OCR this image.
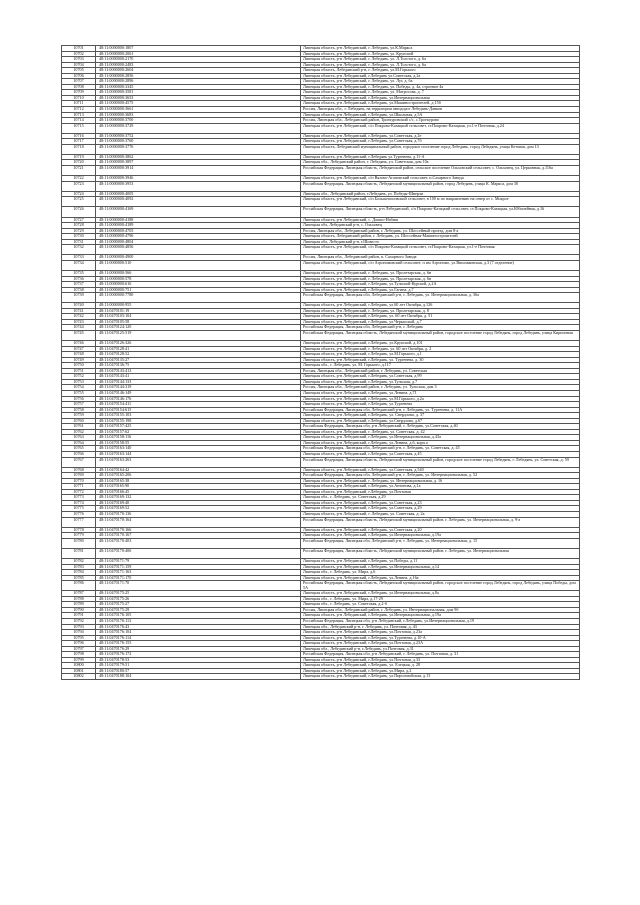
10701	48:11:0000000:1807	Липецкая область, р-н Лебедянский, г. Лебедянь, ул.К.Маркса
10702	48:11:0000000:2061	Липецкая область, р-н Лебедянский, г. Лебедянь, ул. Крупской
10703	48:11:0000000:2170	Липецкая область, р-н Лебедянский, г. Лебедянь, ул. Л.Толстого, д. 6а
10704	48:11:0000000:2483	Липецкая область, р-н Лебедянский, г. Лебедянь, ул. Л.Толстого, д. 6а
10705	48:11:0000000:2604	Липецкая область, Лебедянский р-н, г. Лебедянь, ул.М.Горького
10706	48:11:0000000:2856	Липецкая область, р-н Лебедянский, г.Лебедянь ул.Советская, д.2а
10707	48:11:0000000:2896	Липецкая область, р-н Лебедянский, г. Лебедянь, ул. Луг, д. 6а
10708	48:11:0000000:3345	Липецкая область, р-н Лебедянский, г. Лебедянь, ул. Победы, д. 4а, строение 4а
10709	48:11:0000000:3581	Липецкая область, р-н Лебедянский, г. Лебедянь, ул. Матросова, д. 7
10710	48:11:0000000:3653	Липецкая область, р-н Лебедянский, г.Лебедянь, ул.Интернациональная
10711	48:11:0000000:4575	Липецкая область, р-н Лебедянский, г.Лебедянь, ул.Машиностроителей, д.15б
10712	48:11:0000000:3661	Россия, Липецкая обл., г. Лебедянь, на территории автодорог Лебедянь-Данков
10713	48:11:0000000:3683	Липецкая область, р-н Лебедянский, г.Лебедянь, ул.Школьная, д.5А
10714	48:11:0000000:3700	Россия, Липецкая обл., Лебедянский район, Троекуровский с/с, с.Троекурово
10715	48:11:0000000:3729	Липецкая область, р-н Лебедянский, с/п Покрово-Казацкий сельсовет, ст.Покрово-Казацкая, ул.1-е Почтовая, д.24
10716	48:11:0000000:3752	Липецкая область, р-н Лебедянский, г.Лебедянь, ул.Советская, д.2е
10717	48:11:0000000:3760	Липецкая область, р-н Лебедянский, г.Лебедянь, ул.Советская, д.7б
10718	48:11:0000000:3776	Липецкая область, Лебедянский муниципальный район, городское поселение город Лебедянь, город Лебедянь, улица Кетовая, дом 13
10719	48:11:0000000:3862	Липецкая область, р-н Лебедянский, г.Лебедянь ул.Тургенева, д.11-А
10720	48:11:0000000:3897	Липецкая обл., Лебедянский район, г. Лебедянь, ул. Советская, дом 10а
10721	48:11:0000000:3914	Российская Федерация, Липецкая область, Лебедянский район, сельское поселение Ольховский сельсовет, с. Ольховец, ул. Церковная, д.116а
10722	48:11:0000000:3946	Липецкая область, р-н Лебедянский, с/п Вязово-Агаповский сельсовет, п.Сахарного Завода
10723	48:11:0000000:3953	Российская Федерация, Липецкая область, Лебедянский муниципальный район, город Лебедянь, улица К. Маркса, дом 30
10724	48:11:0000000:4005	Липецкая обл., Лебедянский район, г.Лебедянь, ул. Победы-Шверли
10725	48:11:0000000:4092	Липецкая область, р-н Лебедянский, с/п Большепоповский сельсовет, в 100 м по направлению на север от с. Мокрое
10726	48:11:0000000:4169	Российская Федерация, Липецкая область, р-н Лебедянский, с/п Покрово-Казацкий сельсовет, ст.Покрово-Казацкая, ул.Юбилейная, д.16
10727	48:11:0000000:4188	Липецкая область, р-н Лебедянский, с. Докшо-Набиш
10728	48:11:0000000:4189	Липецкая обл, Лебедянский р-н, с. Ольховец
10729	48:11:0000000:4705	Россия, Липецкая обл., Лебедянский район, г. Лебедянь, ул. Шоссейный проезд, дом 8-а
10730	48:11:0000000:4796	Липецкая область, Лебедянский район, г. Лебедянь, ул. Шоссейная-Машиностроителей
10731	48:11:0000000:4804	Липецкая обл, Лебедянский р-н, г.Шовесто
10732	48:11:0000000:4856	Липецкая область, р-н Лебедянский, с/п Покрово-Казацкий сельсовет, ст.Покрово-Казацкая, ул.1-е Почтовая
10733	48:11:0000000:4900	Россия, Липецкая обл., Лебедянский район, п. Сахарного Завода
10734	48:11:0000000:510	Липецкая область, р-н Лебедянский, с/п Агрономовский сельсовет, п им Агрономо, ул.Вишлаковская, д.3 (7 отделение)
10735	48:11:0000000:566	Липецкая область, р-н Лебедянский, г. Лебедянь, ул. Пролетарская, д. 6н
10736	48:11:0000000:578	Липецкая область, р-н Лебедянский, г. Лебедянь, ул. Пролетарская, д. 6н
10737	48:11:0000000:616	Липецкая область, р-н Лебедянский, г.Лебедянь, ул.Тульской-Курской, д.2А
10738	48:11:0000000:751	Липецкая область, р-н Лебедянский, г.Лебедянь, ул.Гагина, д.7
10739	48:11:0000000:7780	Российская Федерация, Липецкая обл, Лебедянский р-н, г. Лебедянь, ул. Интернациональная, д. 36а
10740	48:11:0000000:955	Липецкая область, р-н Лебедянский, г.Лебедянь, ул.60 лет Октября, д.126
10741	48:11:0470101:19	Липецкая область, р-н Лебедянский, г. Лебедянь, ул. Пролетарская, д. 8
10742	48:11:0470103:104	Липецкая область, р-н Лебедянский, г.Лебедянь, ул. 60 лет Октября, д. 51
10743	48:11:0470105:58	Липецкая область, р-н Лебедянский, г.Лебедянь, ул.Черкасской, д.7
10744	48:11:0470124:120	Российская Федерация, Липецкая обл, Лебедянский р-н, г. Лебедянь
10745	48:11:0470125:519	Российская Федерация, Липецкая область, Лебедянский муниципальный район, городское поселение город Лебедянь, город Лебедянь, улица Кирпичная
10746	48:11:0470126:326	Липецкая область, р-н Лебедянский, г.Лебедянь, ул.Крупской, д.101
10747	48:11:0470128:41	Липецкая область, р-н Лебедянский, г. Лебедянь, ул. 60 лет Октября, д. 2
10748	48:11:0470128:52	Липецкая область, р-н Лебедянский, г.Лебедянь, ул.М.Горького, д.1
10749	48:11:0470135:27	Липецкая область, р-н Лебедянский, г.Лебедянь, ул. Тургенева, д. 30
10750	48:11:0470136:75	Липецкая обл., г. Лебедянь, ул. М. Горького, д.117
10751	48:11:0470143:413	Россия, Липецкая обл., Лебедянский район, г. Лебедянь, ул. Советская
10752	48:11:0470143:41	Липецкая область, р-н Лебедянский, г.Лебедянь, ул.Советская, д.99
10753	48:11:0470144:133	Липецкая область, р-н Лебедянский, г.Лебедянь, ул.Тульская, д.7
10754	48:11:0470144:319	Россия, Липецкая обл., Лебедянский район, г. Лебедянь, ул. Тульская, дом 3
10755	48:11:0470146:149	Липецкая область, р-н Лебедянский, г.Лебедянь, ул.Ленина, д.71
10756	48:11:0470146:176	Липецкая область, р-н Лебедянский, г.Лебедянь, ул.М.Горького, д.2а
10757	48:11:0470154:411	Липецкая область, р-н Лебедянский, г.Лебедянь, ул.Тургенева
10758	48:11:0470154:615	Российская Федерация, Липецкая обл, Лебедянский р-н, г. Лебедянь, ул. Тургенева, д. 11А
10759	48:11:0470155:103	Липецкая область, р-н Лебедянский, г.Лебедянь, ул. Свердлова, д. 37
10760	48:11:0470155:198	Липецкая область, р-н Лебедянский, г.Лебедянь, ул.Свердлова, д.67
10761	48:11:0470157:425	Российская Федерация, Липецкая обл, р-н Лебедянский, г. Лебедянь, ул.Советская, д.40
10762	48:11:0470157:62	Липецкая область, р-н Лебедянский, г. Лебедянь, ул. Советская, д. 42
10763	48:11:0470158:116	Липецкая область, р-н Лебедянский, г.Лебедянь, ул.Интернациональная, д.43а
10764	48:11:0470158:55	Липецкая область, р-н Лебедянский, г.Лебедянь, ул.Ленина, д.6, корп.а
10765	48:11:0470163:140	Российская Федерация, Липецкая обл, Лебедянский р-н, г. Лебедянь, ул. Советская, д. 45
10766	48:11:0470163:144	Липецкая область, р-н Лебедянский, г.Лебедянь, ул.Советская, д.45
10767	48:11:0470163:263	Российская Федерация, Липецкая область, Лебедянский муниципальный район, городское поселение город Лебедянь, г. Лебедянь, ул. Советская, д. 59
10768	48:11:0470164:42	Липецкая область, р-н Лебедянский, г.Лебедянь, ул.Советская, д.540
10769	48:11:0470165:206	Российская Федерация, Липецкая обл, Лебедянский р-н, г. Лебедянь, ул. Интернациональная, д. 52
10770	48:11:0470165:38	Липецкая область, р-н Лебедянский, г. Лебедянь, ул. Интернациональная, д. 16
10771	48:11:0470165:90	Липецкая область, р-н Лебедянский, г.Лебедянь, ул.Антонова, д.1а
10772	48:11:0470166:45	Липецкая область, р-н Лебедянский, г.Лебедянь, ул.Почтовая
10773	48:11:0470169:132	Липецкая обл., г. Лебедянь, ул. Советская, д.29
10774	48:11:0470169:40	Липецкая область, р-н Лебедянский, г.Лебедянь, ул.Советская, д.23
10775	48:11:0470169:52	Липецкая область, р-н Лебедянский, г.Лебедянь, ул.Советская, д.29
10776	48:11:0470170:136	Липецкая область, р-н Лебедянский, г. Лебедянь, ул. Советская, д. 2а
10777	48:11:0470170:164	Российская Федерация, Липецкая область, Лебедянский муниципальный район, г. Лебедянь, ул. Интернациональная, д. 9-а
10778	48:11:0470170:166	Липецкая область, р-н Лебедянский, г.Лебедянь, ул.Советская, д.20
10779	48:11:0470170:167	Липецкая область, р-н Лебедянский, г.Лебедянь, ул.Интернациональная, д.19а
10780	48:11:0470170:403	Российская Федерация, Липецкая обл, Лебедянский р-н, г. Лебедянь, ул. Интернациональная, д. 15
10781	48:11:0470170:406	Российская Федерация, Липецкая область, Лебедянский муниципальный район, г. Лебедянь, ул. Интернациональная
10782	48:11:0470171:79	Липецкая область, р-н Лебедянский, г.Лебедянь, ул.Победы, д.11
10783	48:11:0470171:159	Липецкая область, р-н Лебедянский, г.Лебедянь, ул.Интернациональная, д.14
10784	48:11:0470171:163	Липецкая обл., г. Лебедянь, ул. Мира, д.6
10785	48:11:0470171:170	Липецкая область, р-н Лебедянский, г.Лебедянь, ул.Ленина, д.16а
10786	48:11:0470171:70	Российская Федерация, Липецкая область, Лебедянский муниципальный район, городское поселение город Лебедянь, город Лебедянь, улица Победы, дом 5А
10787	48:11:0470175:25	Липецкая область, р-н Лебедянский, г.Лебедянь, ул.Интернациональная, д.8а
10788	48:11:0470175:26	Липецкая обл., г. Лебедянь, ул. Мира, д.17-29
10789	48:11:0470175:27	Липецкая обл., г. Лебедянь, ул. Советская, д.2-б
10790	48:11:0470175:29	Россия, Липецкая обл., Лебедянский район, г. Лебедянь, ул. Интернациональная, дом 9б
10791	48:11:0470176:105	Липецкая область, р-н Лебедянский, г.Лебедянь, ул.Интернациональная, д.19а
10792	48:11:0470176:113	Российская Федерация, Липецкая обл, р-н Лебедянский, г.Лебедянь, ул.Интернациональная, д.19
10793	48:11:0470176:43	Липецкая обл., Лебедянский р-н, г. Лебедянь, ул. Почтовая, д. 43
10794	48:11:0470176:104	Липецкая область, р-н Лебедянский, г.Лебедянь, ул.Почтовая, д.23а
10795	48:11:0470176:114	Липецкая область, р-н Лебедянский, г.Лебедянь, ул.Тургенева, д.10-А
10796	48:11:0470176:155	Липецкая область, р-н Лебедянский, г.Лебедянь, ул.Почтовая, д.23А
10797	48:11:0470176:29	Липецкая обл., Лебедянский р-н, г.Лебедянь, ул.Почтовая, д.31
10798	48:11:0470176:172	Российская Федерация, Липецкая обл, р-н Лебедянский, г. Лебедянь, ул. Почтовая, д. 31
10799	48:11:0470178:53	Липецкая область, р-н Лебедянский, г.Лебедянь, ул.Почтовая, д.33
10800	48:11:0470179:51	Липецкая область, р-н Лебедянский, г.Лебедянь, ул. Елецкая, д. 28
10801	48:11:0470180:57	Липецкая область, р-н Лебедянский, г.Лебедянь, ул.Мира, д.2
10802	48:11:0470188:104	Липецкая область, р-н Лебедянский, г.Лебедянь, ул.Пироговойская, д.13
